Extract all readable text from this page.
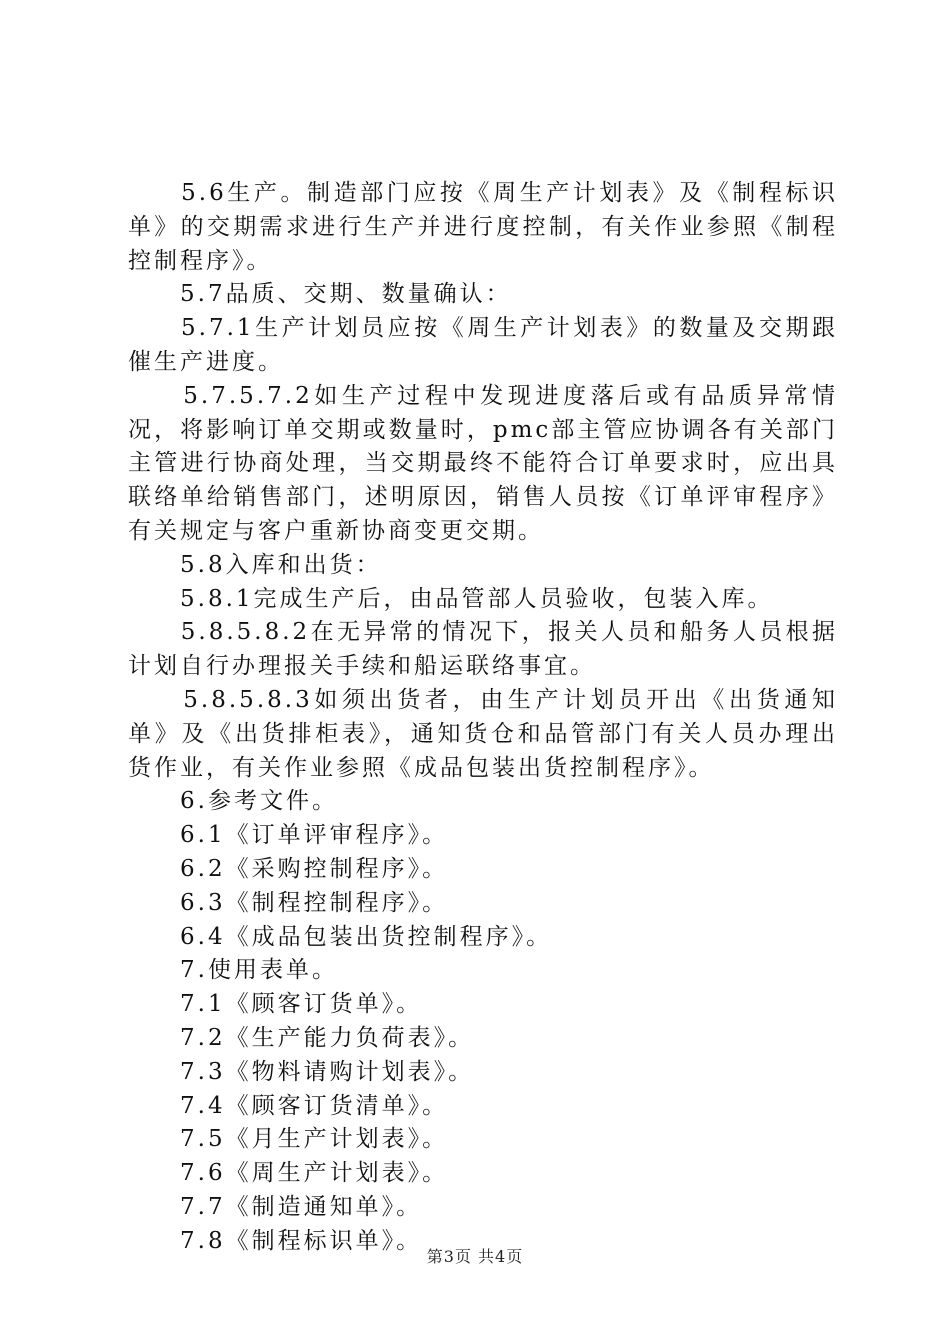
　　5.6生产。制造部门应按《周生产计划表》及《制程标识单》的交期需求进行生产并进行度控制，有关作业参照《制程控制程序》。

　　5.7品质、交期、数量确认：

　　5.7.1生产计划员应按《周生产计划表》的数量及交期跟催生产进度。

　　5.7.5.7.2如生产过程中发现进度落后或有品质异常情况，将影响订单交期或数量时，pmc部主管应协调各有关部门主管进行协商处理，当交期最终不能符合订单要求时，应出具联络单给销售部门，述明原因，销售人员按《订单评审程序》有关规定与客户重新协商变更交期。

　　5.8入库和出货：

　　5.8.1完成生产后，由品管部人员验收，包装入库。

　　5.8.5.8.2在无异常的情况下，报关人员和船务人员根据计划自行办理报关手续和船运联络事宜。

　　5.8.5.8.3如须出货者，由生产计划员开出《出货通知单》及《出货排柜表》，通知货仓和品管部门有关人员办理出货作业，有关作业参照《成品包装出货控制程序》。

　　6.参考文件。

　　6.1《订单评审程序》。

　　6.2《采购控制程序》。

　　6.3《制程控制程序》。

　　6.4《成品包装出货控制程序》。

　　7.使用表单。

　　7.1《顾客订货单》。

　　7.2《生产能力负荷表》。

　　7.3《物料请购计划表》。

　　7.4《顾客订货清单》。

　　7.5《月生产计划表》。

　　7.6《周生产计划表》。

　　7.7《制造通知单》。

　　7.8《制程标识单》。

第3页 共4页
